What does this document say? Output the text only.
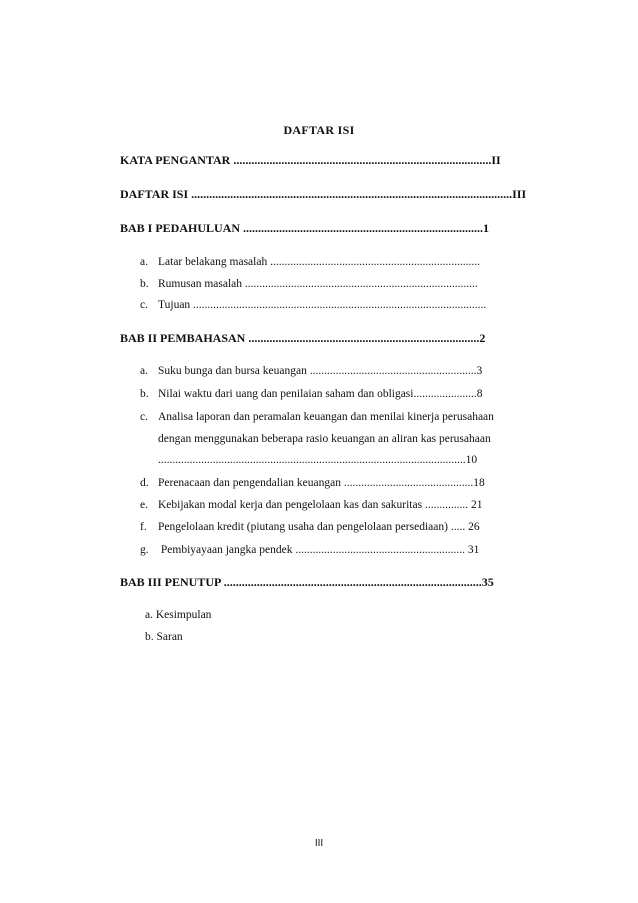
DAFTAR ISI
KATA PENGANTAR ......................................................................................II
DAFTAR ISI ...........................................................................................................III
BAB I PEDAHULUAN ................................................................................1
a. Latar belakang masalah .........................................................................
b. Rumusan masalah .................................................................................
c. Tujuan ......................................................................................................
BAB II PEMBAHASAN .............................................................................2
a. Suku bunga dan bursa keuangan ..........................................................3
b. Nilai waktu dari uang dan penilaian saham dan obligasi......................8
c. Analisa laporan dan peramalan keuangan dan menilai kinerja perusahaan
dengan menggunakan beberapa rasio keuangan an aliran kas perusahaan
...........................................................................................................10
d. Perenacaan dan pengendalian keuangan .............................................18
e. Kebijakan modal kerja dan pengelolaan kas dan sakuritas ............... 21
f. Pengelolaan kredit (piutang usaha dan pengelolaan persediaan) ..... 26
g. Pembiyayaan jangka pendek ........................................................... 31
BAB III PENUTUP ......................................................................................35
a. Kesimpulan
b. Saran
III
